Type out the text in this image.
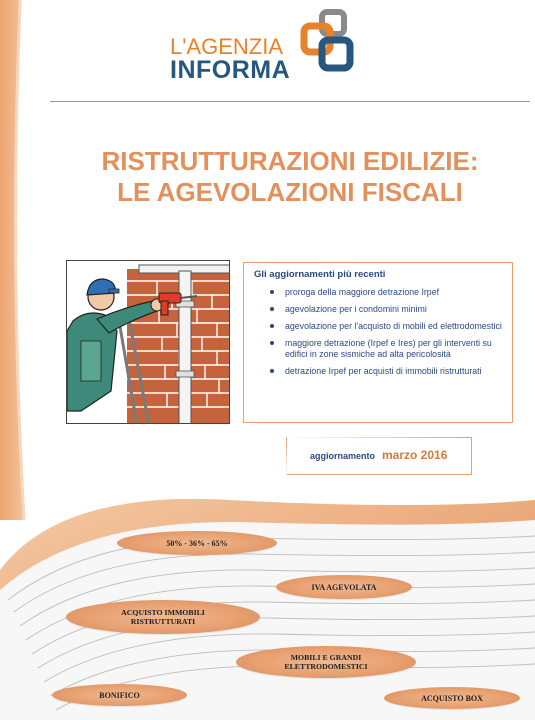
L'AGENZIA
INFORMA
RISTRUTTURAZIONI EDILIZIE:
LE AGEVOLAZIONI FISCALI
Gli aggiornamenti più recenti
proroga della maggiore detrazione Irpef
agevolazione per i condomini minimi
agevolazione per l'acquisto di mobili ed elettrodomestici
maggiore detrazione (Irpef e Ires) per gli interventi su edifici in zone sismiche ad alta pericolosità
detrazione Irpef per acquisti di immobili ristrutturati
aggiornamento marzo 2016
50% - 36% - 65%
IVA AGEVOLATA
ACQUISTO IMMOBILI RISTRUTTURATI
MOBILI E GRANDI ELETTRODOMESTICI
BONIFICO	ACQUISTO BOX
